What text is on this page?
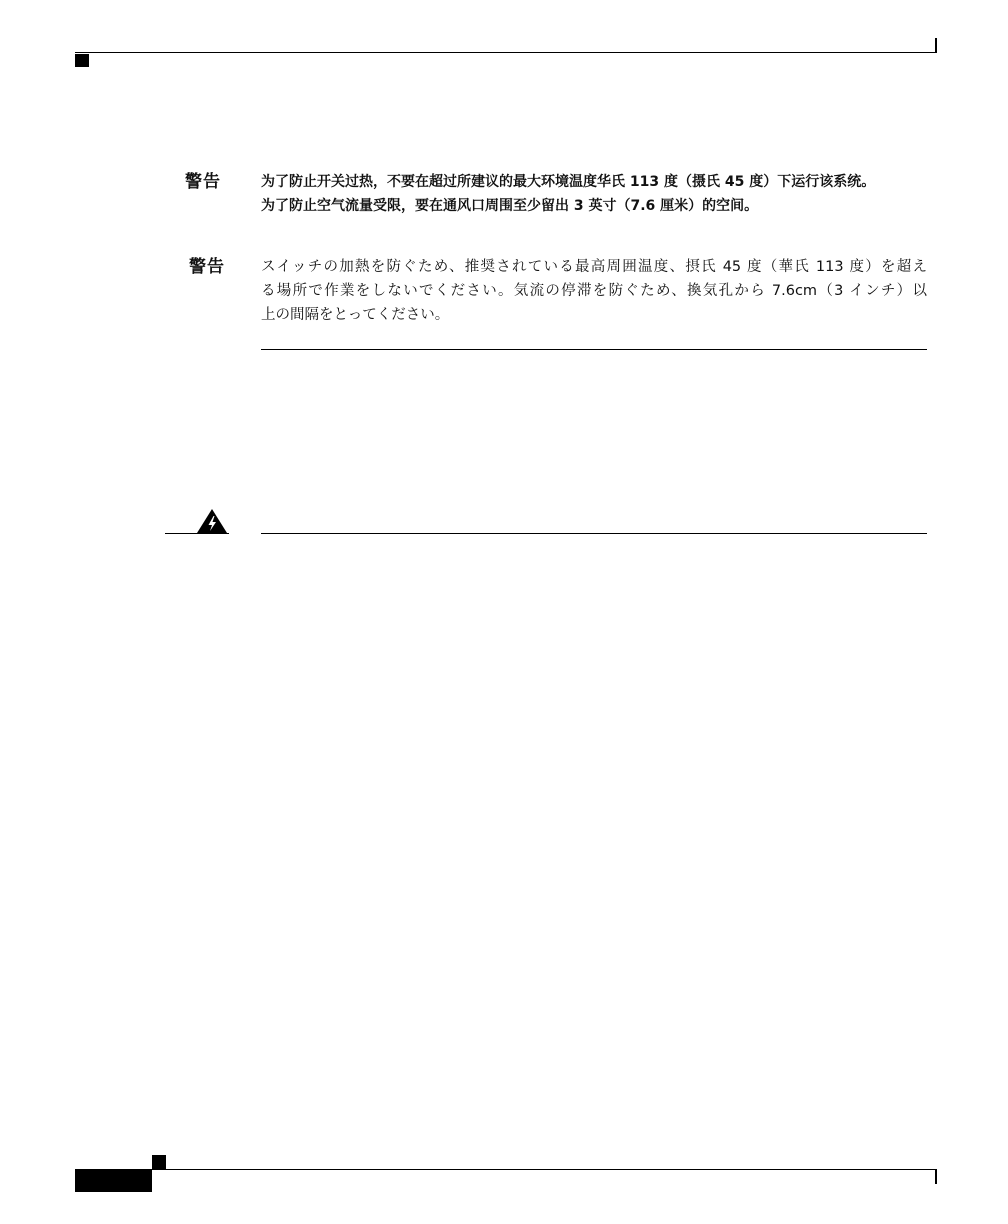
警告	为了防止开关过热，不要在超过所建议的最大环境温度华氏 113 度（摄氏 45 度）下运行该系统。
为了防止空气流量受限，要在通风口周围至少留出 3 英寸（7.6 厘米）的空间。
警告 スイッチの加熱を防ぐため、推奨されている最高周囲温度、摂氏 45 度（華氏 113 度）を超え
る場所で作業をしないでください。気流の停滞を防ぐため、換気孔から 7.6cm（3 インチ）以
上の間隔をとってください。
